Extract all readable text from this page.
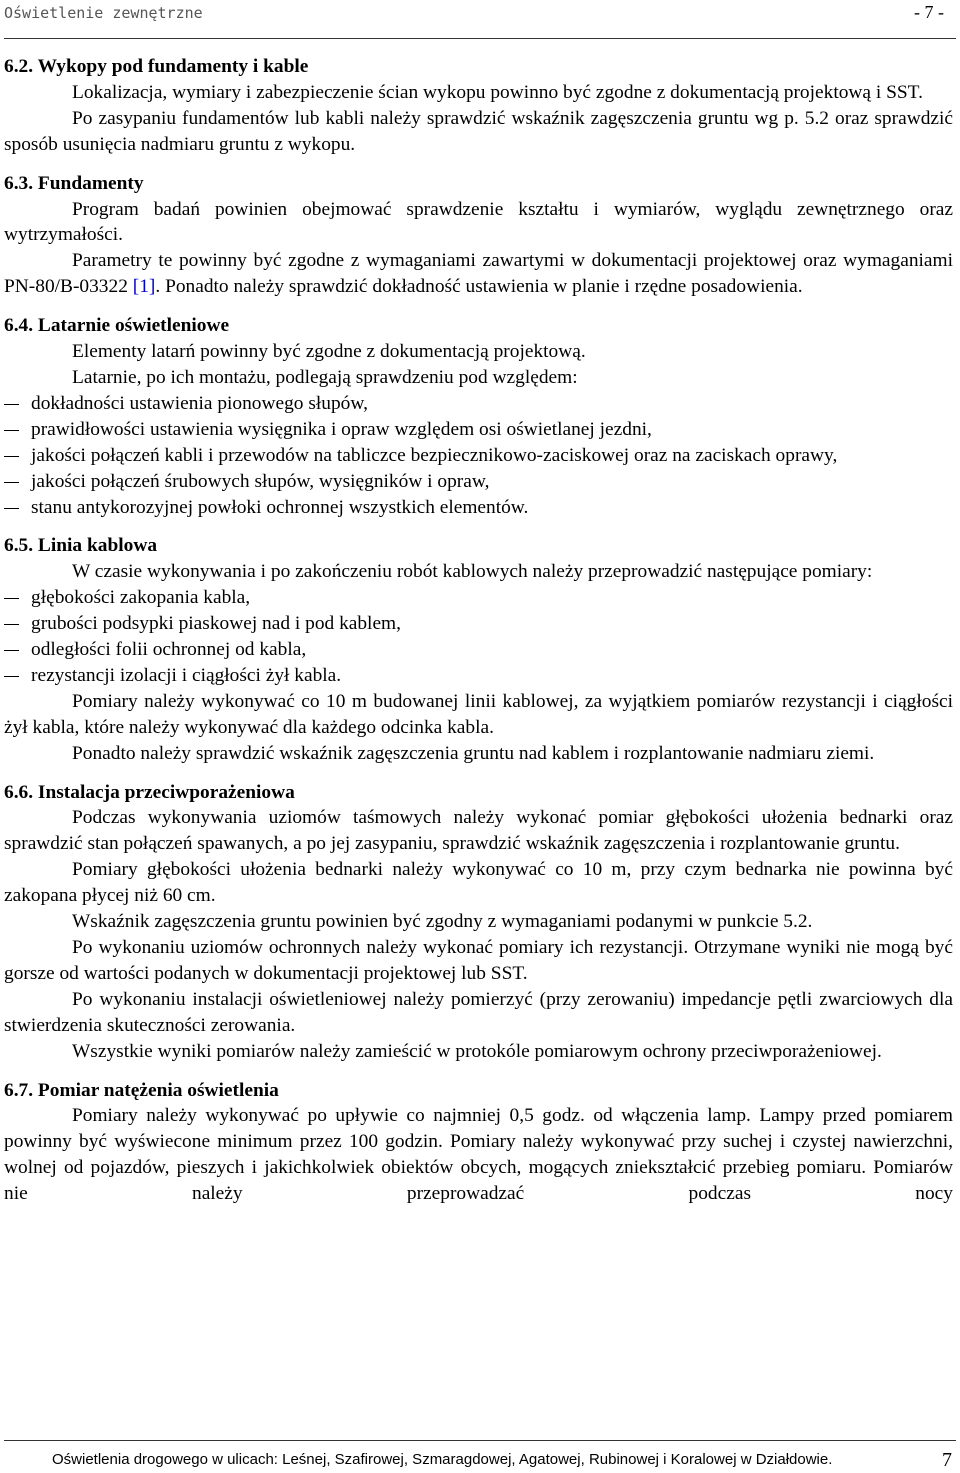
Oświetlenie zewnętrzne	- 7 -
6.2. Wykopy pod fundamenty i kable

Lokalizacja, wymiary i zabezpieczenie ścian wykopu powinno być zgodne z dokumentacją projektową i SST.

Po zasypaniu fundamentów lub kabli należy sprawdzić wskaźnik zagęszczenia gruntu wg p. 5.2 oraz sprawdzić sposób usunięcia nadmiaru gruntu z wykopu.

6.3. Fundamenty

Program badań powinien obejmować sprawdzenie kształtu i wymiarów, wyglądu zewnętrznego oraz wytrzymałości.

Parametry te powinny być zgodne z wymaganiami zawartymi w dokumentacji projektowej oraz wymaganiami PN-80/B-03322 [1]. Ponadto należy sprawdzić dokładność ustawienia w planie i rzędne posadowienia.

6.4. Latarnie oświetleniowe

Elementy latarń powinny być zgodne z dokumentacją projektową.

Latarnie, po ich montażu, podlegają sprawdzeniu pod względem:

dokładności ustawienia pionowego słupów,
prawidłowości ustawienia wysięgnika i opraw względem osi oświetlanej jezdni,
jakości połączeń kabli i przewodów na tabliczce bezpiecznikowo-zaciskowej oraz na zaciskach oprawy,
jakości połączeń śrubowych słupów, wysięgników i opraw,
stanu antykorozyjnej powłoki ochronnej wszystkich elementów.
6.5. Linia kablowa

W czasie wykonywania i po zakończeniu robót kablowych należy przeprowadzić następujące pomiary:

głębokości zakopania kabla,
grubości podsypki piaskowej nad i pod kablem,
odległości folii ochronnej od kabla,
rezystancji izolacji i ciągłości żył kabla.

Pomiary należy wykonywać co 10 m budowanej linii kablowej, za wyjątkiem pomiarów rezystancji i ciągłości żył kabla, które należy wykonywać dla każdego odcinka kabla.

Ponadto należy sprawdzić wskaźnik zagęszczenia gruntu nad kablem i rozplantowanie nadmiaru ziemi.

6.6. Instalacja przeciwporażeniowa

Podczas wykonywania uziomów taśmowych należy wykonać pomiar głębokości ułożenia bednarki oraz sprawdzić stan połączeń spawanych, a po jej zasypaniu, sprawdzić wskaźnik zagęszczenia i rozplantowanie gruntu.

Pomiary głębokości ułożenia bednarki należy wykonywać co 10 m, przy czym bednarka nie powinna być zakopana płycej niż 60 cm.

Wskaźnik zagęszczenia gruntu powinien być zgodny z wymaganiami podanymi w punkcie 5.2.

Po wykonaniu uziomów ochronnych należy wykonać pomiary ich rezystancji. Otrzymane wyniki nie mogą być gorsze od wartości podanych w dokumentacji projektowej lub SST.

Po wykonaniu instalacji oświetleniowej należy pomierzyć (przy zerowaniu) impedancje pętli zwarciowych dla stwierdzenia skuteczności zerowania.

Wszystkie wyniki pomiarów należy zamieścić w protokóle pomiarowym ochrony przeciwporażeniowej.

6.7. Pomiar natężenia oświetlenia

Pomiary należy wykonywać po upływie co najmniej 0,5 godz. od włączenia lamp. Lampy przed pomiarem powinny być wyświecone minimum przez 100 godzin. Pomiary należy wykonywać przy suchej i czystej nawierzchni, wolnej od pojazdów, pieszych i jakichkolwiek obiektów obcych, mogących zniekształcić przebieg pomiaru. Pomiarów nie należy przeprowadzać podczas nocy

Oświetlenia drogowego w ulicach: Leśnej, Szafirowej, Szmaragdowej, Agatowej, Rubinowej i Koralowej w Działdowie.	7
